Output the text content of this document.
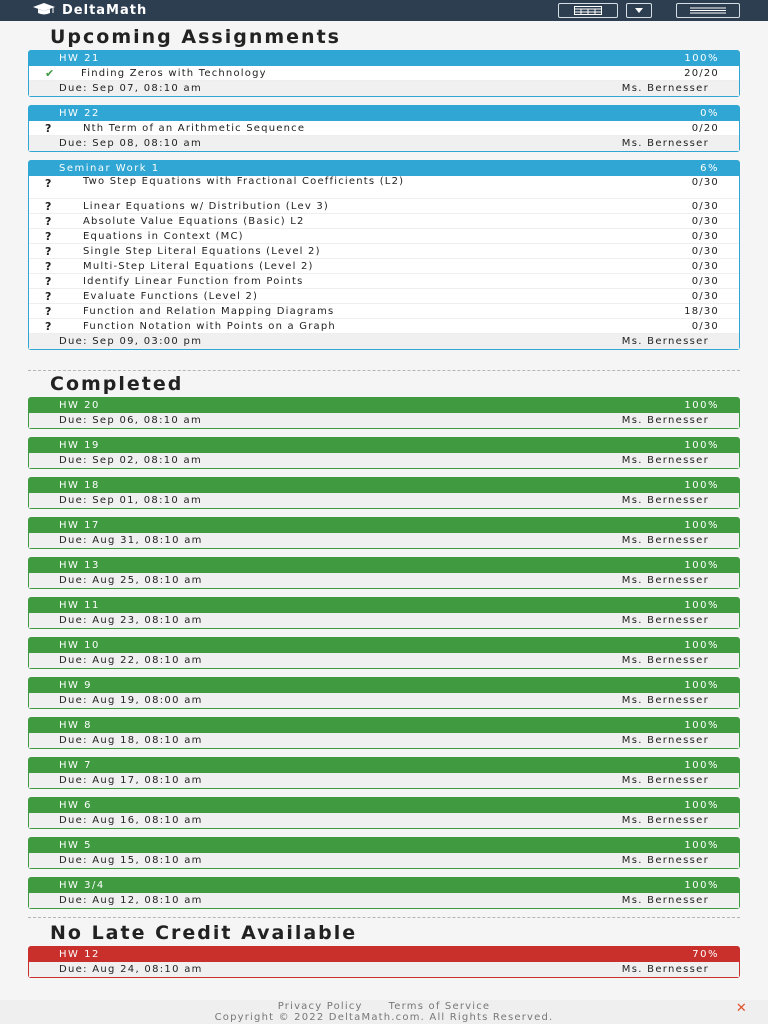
DeltaMath
Upcoming Assignments
HW 21	100%
✔	Finding Zeros with Technology	20/20
Due: Sep 07, 08:10 am	Ms. Bernesser
HW 22	0%
?	Nth Term of an Arithmetic Sequence	0/20
Due: Sep 08, 08:10 am	Ms. Bernesser
Seminar Work 1	6%
?	Two Step Equations with Fractional Coefficients (L2)	0/30
?	Linear Equations w/ Distribution (Lev 3)	0/30
?	Absolute Value Equations (Basic) L2	0/30
?	Equations in Context (MC)	0/30
?	Single Step Literal Equations (Level 2)	0/30
?	Multi-Step Literal Equations (Level 2)	0/30
?	Identify Linear Function from Points	0/30
?	Evaluate Functions (Level 2)	0/30
?	Function and Relation Mapping Diagrams	18/30
?	Function Notation with Points on a Graph	0/30
Due: Sep 09, 03:00 pm	Ms. Bernesser
Completed
HW 20	100%
Due: Sep 06, 08:10 am	Ms. Bernesser
HW 19	100%
Due: Sep 02, 08:10 am	Ms. Bernesser
HW 18	100%
Due: Sep 01, 08:10 am	Ms. Bernesser
HW 17	100%
Due: Aug 31, 08:10 am	Ms. Bernesser
HW 13	100%
Due: Aug 25, 08:10 am	Ms. Bernesser
HW 11	100%
Due: Aug 23, 08:10 am	Ms. Bernesser
HW 10	100%
Due: Aug 22, 08:10 am	Ms. Bernesser
HW 9	100%
Due: Aug 19, 08:00 am	Ms. Bernesser
HW 8	100%
Due: Aug 18, 08:10 am	Ms. Bernesser
HW 7	100%
Due: Aug 17, 08:10 am	Ms. Bernesser
HW 6	100%
Due: Aug 16, 08:10 am	Ms. Bernesser
HW 5	100%
Due: Aug 15, 08:10 am	Ms. Bernesser
HW 3/4	100%
Due: Aug 12, 08:10 am	Ms. Bernesser
No Late Credit Available
HW 12	70%
Due: Aug 24, 08:10 am	Ms. Bernesser
Privacy Policy	Terms of Service
Copyright © 2022 DeltaMath.com. All Rights Reserved.
✕
